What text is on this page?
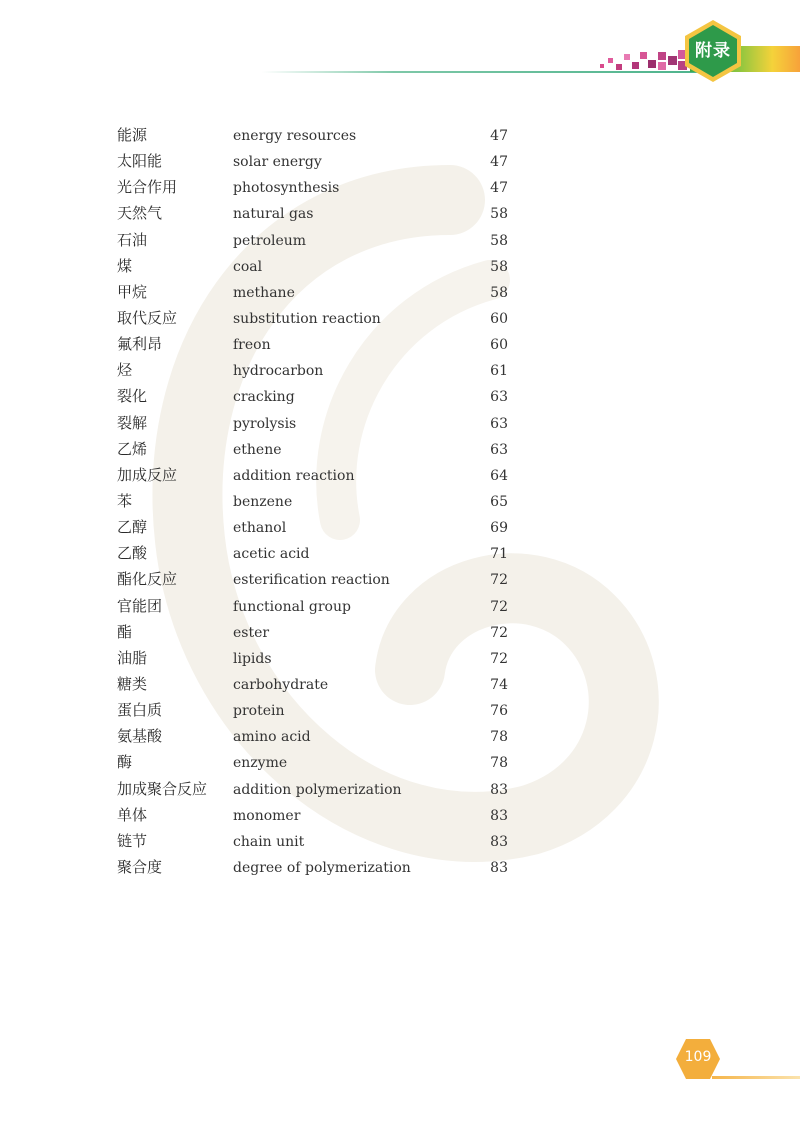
附录
能源	energy resources	47
太阳能	solar energy	47
光合作用	photosynthesis	47
天然气	natural gas	58
石油	petroleum	58
煤	coal	58
甲烷	methane	58
取代反应	substitution reaction	60
氟利昂	freon	60
烃	hydrocarbon	61
裂化	cracking	63
裂解	pyrolysis	63
乙烯	ethene	63
加成反应	addition reaction	64
苯	benzene	65
乙醇	ethanol	69
乙酸	acetic acid	71
酯化反应	esterification reaction	72
官能团	functional group	72
酯	ester	72
油脂	lipids	72
糖类	carbohydrate	74
蛋白质	protein	76
氨基酸	amino acid	78
酶	enzyme	78
加成聚合反应 addition polymerization	83
单体	monomer	83
链节	chain unit	83
聚合度	degree of polymerization	83
109
